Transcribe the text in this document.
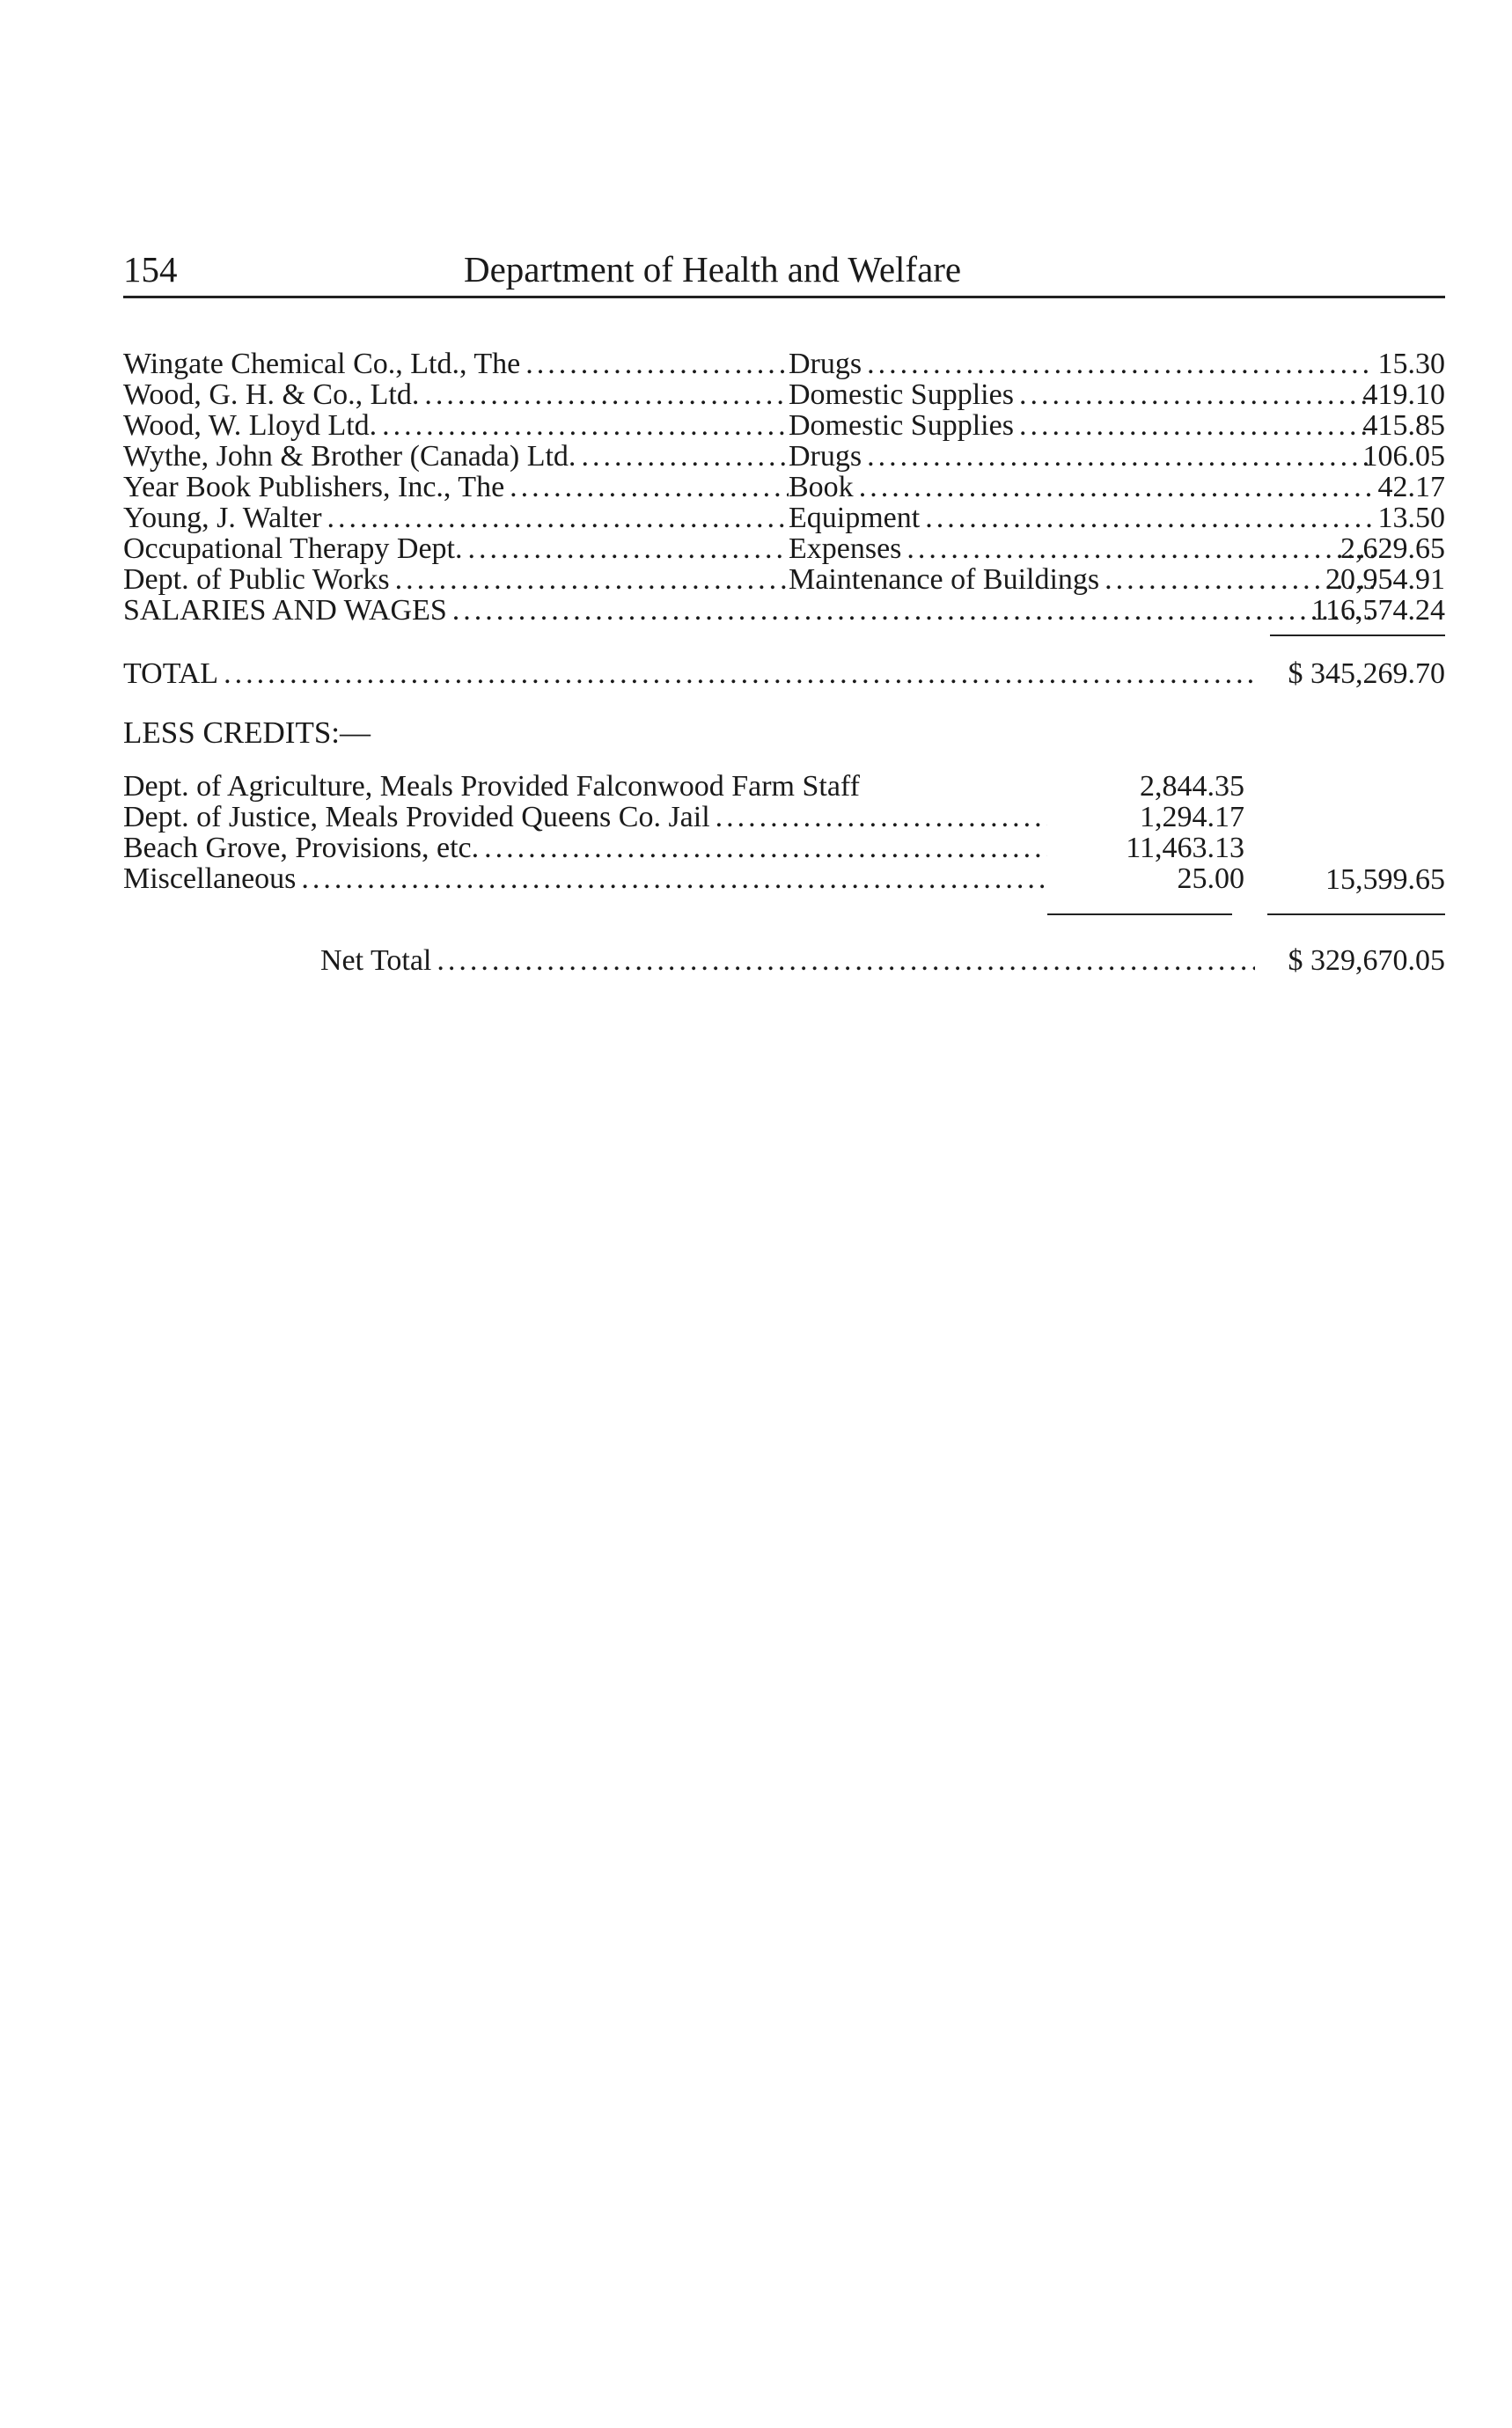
154	Department of Health and Welfare
Wingate Chemical Co., Ltd., The .....	Drugs .....	15.30
Wood, G. H. & Co., Ltd. .....	Domestic Supplies .....	419.10
Wood, W. Lloyd Ltd. .....	Domestic Supplies .....	415.85
Wythe, John & Brother (Canada) Ltd. .....	Drugs .....	106.05
Year Book Publishers, Inc., The .....	Book .....	42.17
Young, J. Walter .....	Equipment .....	13.50
Occupational Therapy Dept. .....	Expenses .....	2,629.65
Dept. of Public Works .....	Maintenance of Buildings .....	20,954.91
SALARIES AND WAGES .....	116,574.24
TOTAL .....	$ 345,269.70
LESS CREDITS:—
Dept. of Agriculture, Meals Provided Falconwood Farm Staff	2,844.35
Dept. of Justice, Meals Provided Queens Co. Jail .....	1,294.17
Beach Grove, Provisions, etc. .....	11,463.13
Miscellaneous .....	25.00	15,599.65
Net Total .....	$ 329,670.05
